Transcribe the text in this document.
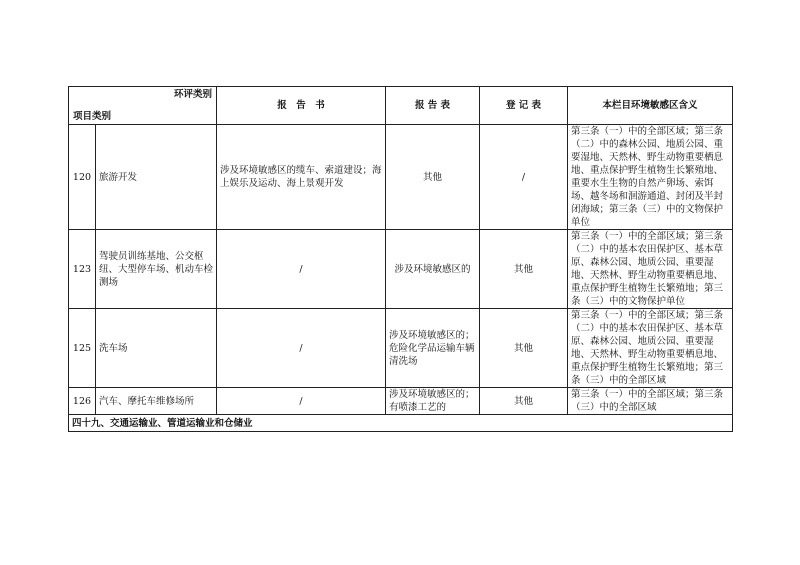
环评类别
项目类别		报　告　书	报 告 表	登 记 表	本栏目环境敏感区含义
120	旅游开发	涉及环境敏感区的缆车、索道建设；海上娱乐及运动、海上景观开发	其他	/	第三条（一）中的全部区域；第三条（二）中的森林公园、地质公园、重要湿地、天然林、野生动物重要栖息地、重点保护野生植物生长繁殖地、重要水生生物的自然产卵场、索饵场、越冬场和洄游通道、封闭及半封闭海域；第三条（三）中的文物保护单位
123	驾驶员训练基地、公交枢纽、大型停车场、机动车检测场	/	涉及环境敏感区的	其他	第三条（一）中的全部区域；第三条（二）中的基本农田保护区、基本草原、森林公园、地质公园、重要湿地、天然林、野生动物重要栖息地、重点保护野生植物生长繁殖地；第三条（三）中的文物保护单位
125	洗车场	/	涉及环境敏感区的；危险化学品运输车辆清洗场	其他	第三条（一）中的全部区域；第三条（二）中的基本农田保护区、基本草原、森林公园、地质公园、重要湿地、天然林、野生动物重要栖息地、重点保护野生植物生长繁殖地；第三条（三）中的全部区域
126	汽车、摩托车维修场所	/	涉及环境敏感区的；有喷漆工艺的	其他	第三条（一）中的全部区域；第三条（三）中的全部区域
四十九、交通运输业、管道运输业和仓储业					
